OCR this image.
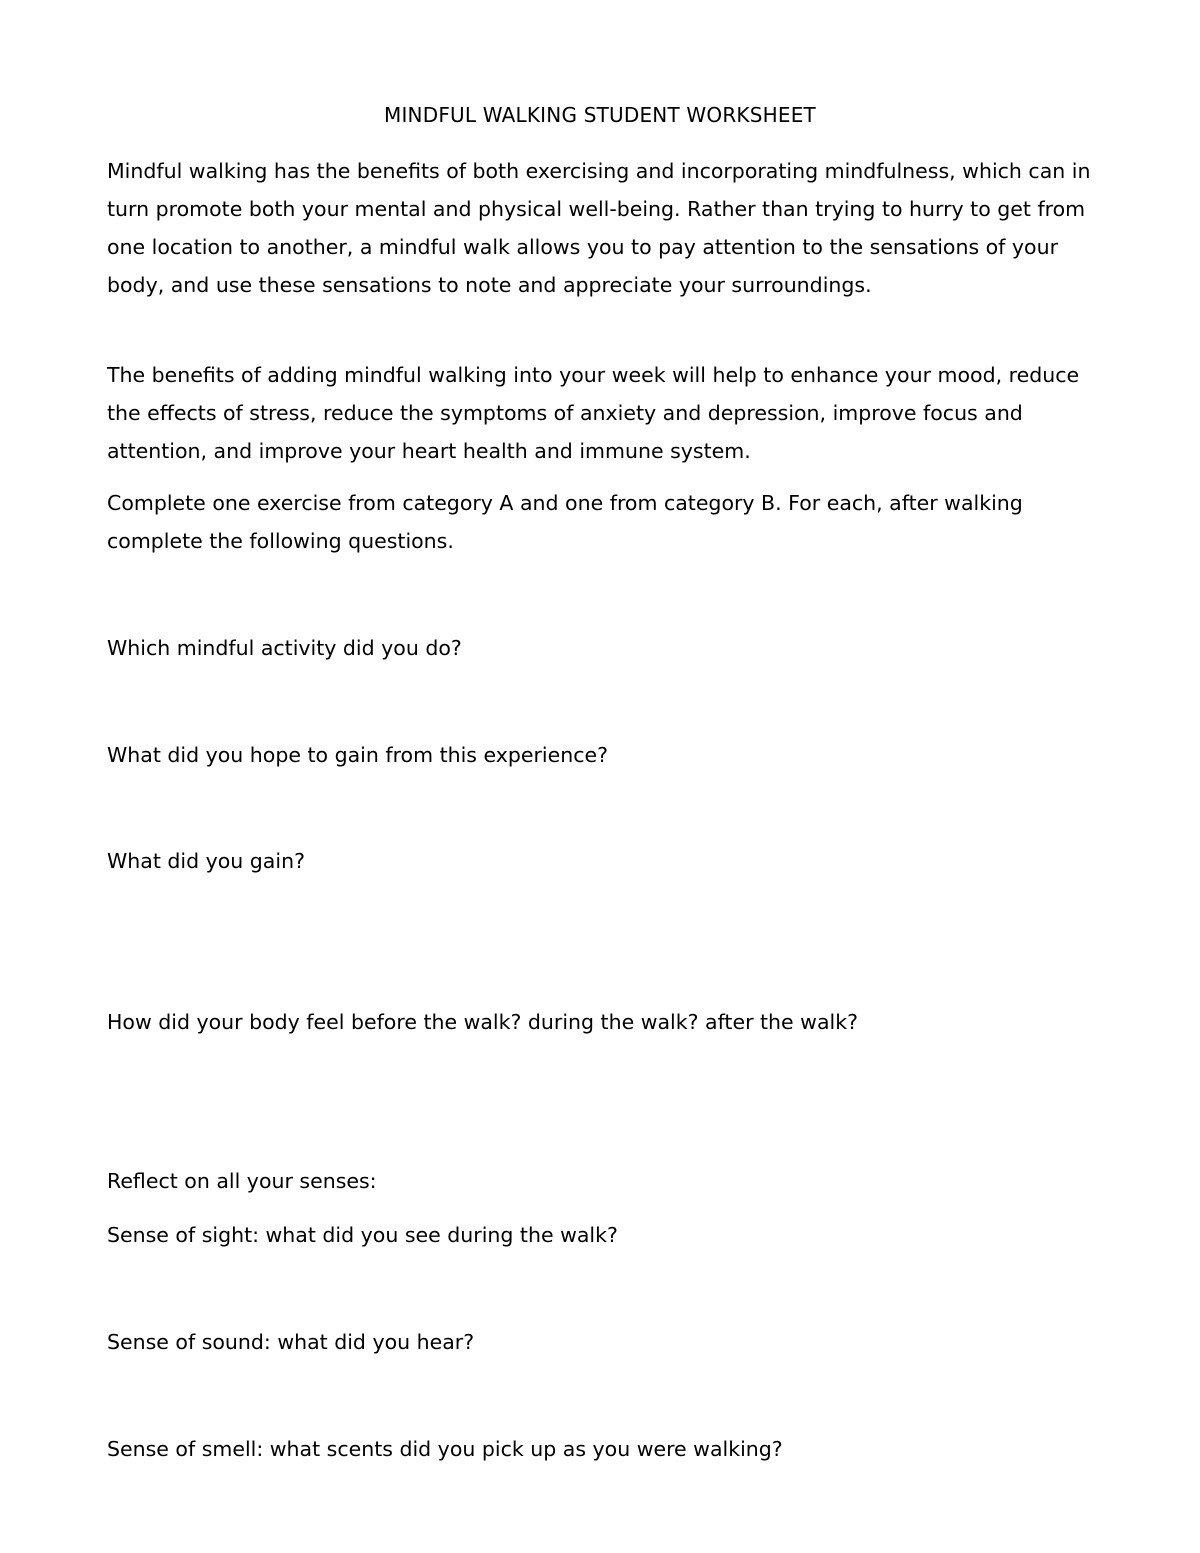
MINDFUL WALKING STUDENT WORKSHEET

Mindful walking has the benefits of both exercising and incorporating mindfulness, which can in turn promote both your mental and physical well-being. Rather than trying to hurry to get from one location to another, a mindful walk allows you to pay attention to the sensations of your body, and use these sensations to note and appreciate your surroundings.

The benefits of adding mindful walking into your week will help to enhance your mood, reduce the effects of stress, reduce the symptoms of anxiety and depression, improve focus and attention, and improve your heart health and immune system.

Complete one exercise from category A and one from category B. For each, after walking complete the following questions.

Which mindful activity did you do?

What did you hope to gain from this experience?

What did you gain?

How did your body feel before the walk? during the walk? after the walk?

Reflect on all your senses:

Sense of sight: what did you see during the walk?

Sense of sound: what did you hear?

Sense of smell: what scents did you pick up as you were walking?
